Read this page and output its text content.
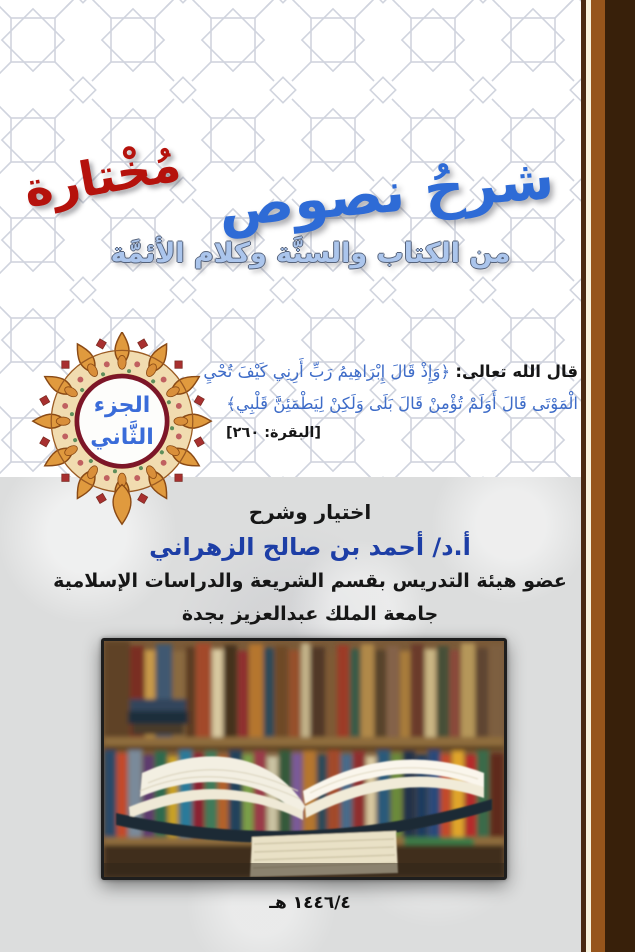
شرحُ نصوص
مُخْتارة
من الكتاب والسنَّة وكلام الأئمَّة
الجزء
الثَّاني
قال الله تعالى: ﴿وَإِذْ قَالَ إِبْرَاهِيمُ رَبِّ أَرِنِي كَيْفَ تُحْيِ
الْمَوْتَى قَالَ أَوَلَمْ تُؤْمِنْ قَالَ بَلَى وَلَكِنْ لِيَطْمَئِنَّ قَلْبِي﴾
[البقرة: ٢٦٠]
اختيار وشرح
أ.د/ أحمد بن صالح الزهراني
عضو هيئة التدريس بقسم الشريعة والدراسات الإسلامية
جامعة الملك عبدالعزيز بجدة
١٤٤٦/٤ هـ
